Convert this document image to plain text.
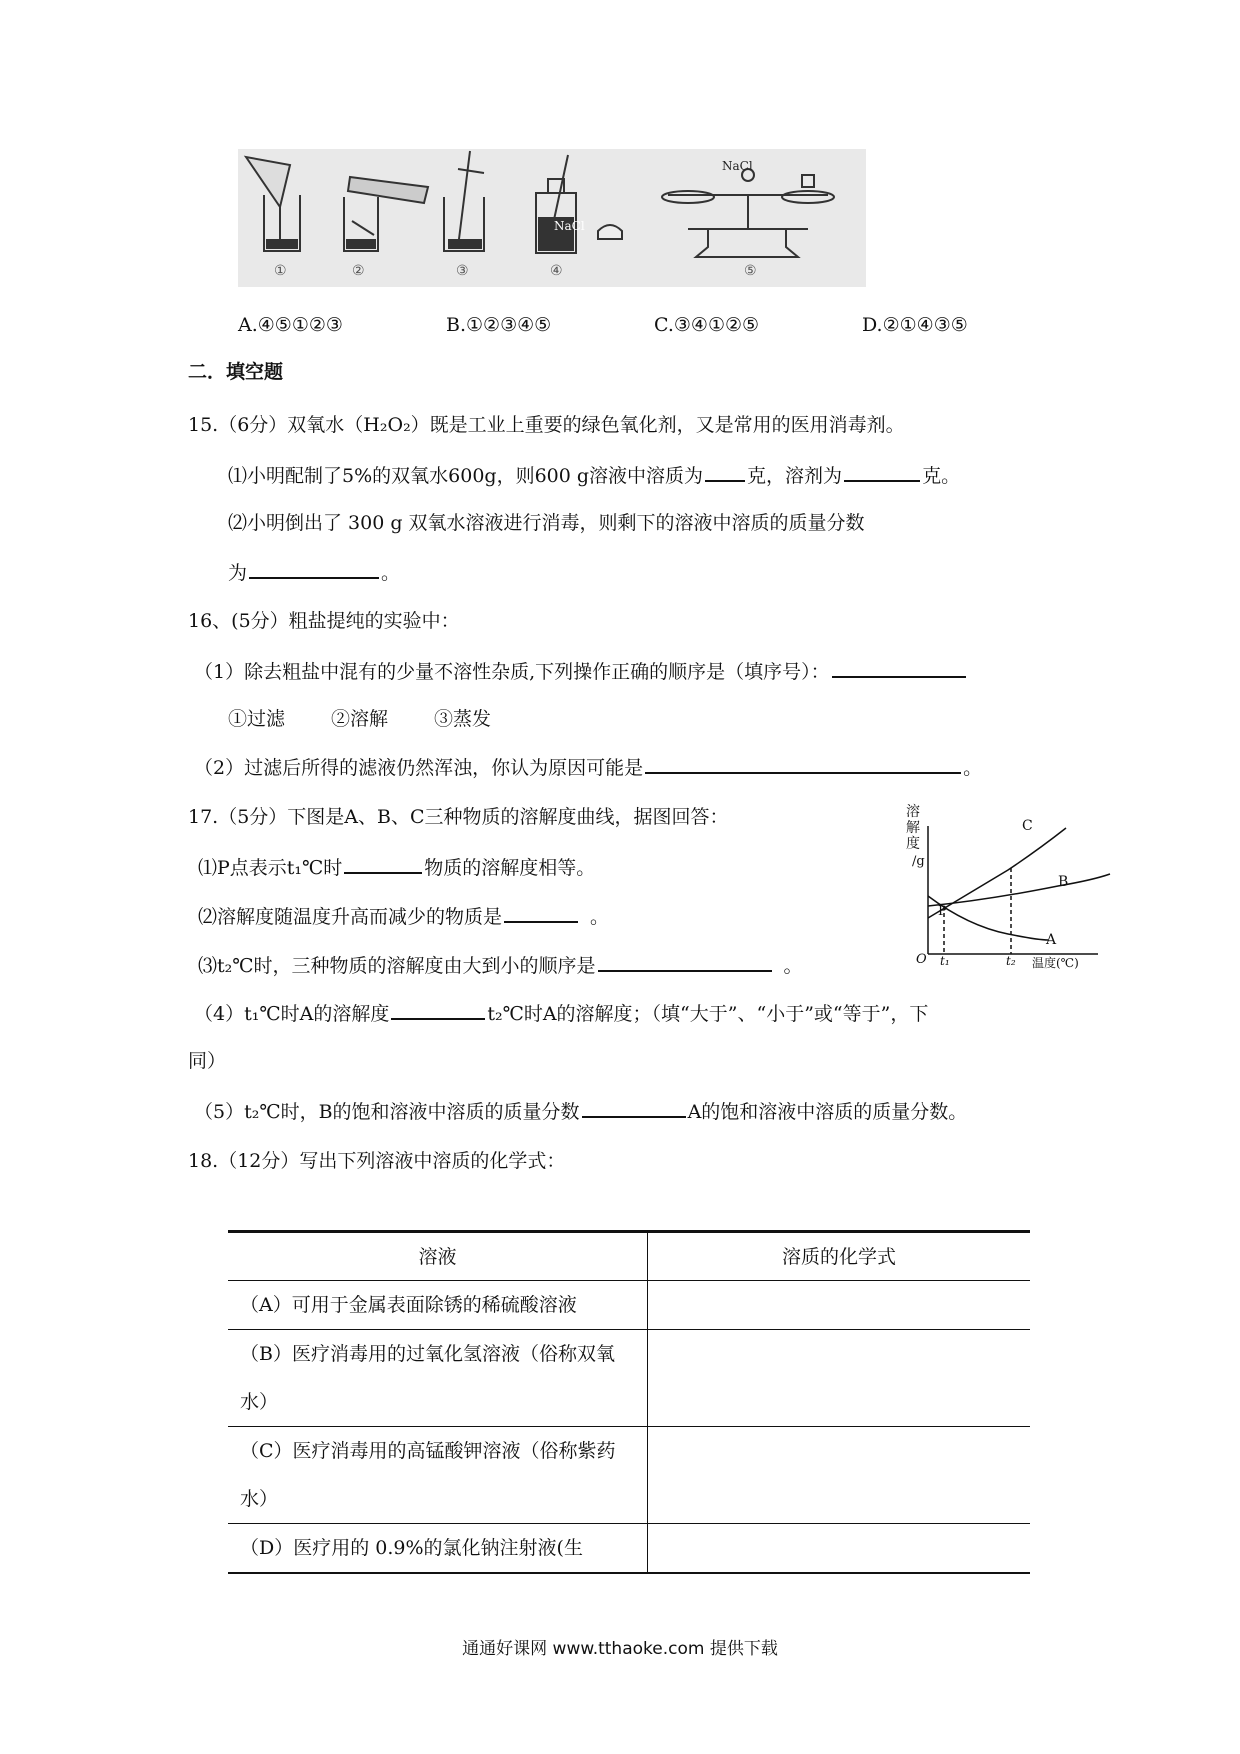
①	②	③	④	⑤
NaCl
NaCl
A.④⑤①②③	B.①②③④⑤	C.③④①②⑤	D.②①④③⑤
二．填空题
15.（6分）双氧水（H₂O₂）既是工业上重要的绿色氧化剂，又是常用的医用消毒剂。
⑴小明配制了5%的双氧水600g，则600 g溶液中溶质为 克，溶剂为	克。
⑵小明倒出了 300 g 双氧水溶液进行消毒，则剩下的溶液中溶质的质量分数
为	。
16、(5分）粗盐提纯的实验中：
（1）除去粗盐中混有的少量不溶性杂质,下列操作正确的顺序是（填序号）：
①过滤 ②溶解 ③蒸发
（2）过滤后所得的滤液仍然浑浊，你认为原因可能是	。
17.（5分）下图是A、B、C三种物质的溶解度曲线，据图回答：
⑴P点表示t₁℃时	物质的溶解度相等。
⑵溶解度随温度升高而减少的物质是	。
⑶t₂℃时，三种物质的溶解度由大到小的顺序是	。
（4）t₁℃时A的溶解度	t₂℃时A的溶解度；（填“大于”、“小于”或“等于”，下
同）
（5）t₂℃时，B的饱和溶液中溶质的质量分数	A的饱和溶液中溶质的质量分数。
溶
解
度
/g
C
B
A
P
O t₁	t₂ 温度(℃)
18.（12分）写出下列溶液中溶质的化学式：
溶液	溶质的化学式
（A）可用于金属表面除锈的稀硫酸溶液	
（B）医疗消毒用的过氧化氢溶液（俗称双氧水）	
（C）医疗消毒用的高锰酸钾溶液（俗称紫药水）	
（D）医疗用的 0.9%的氯化钠注射液(生	
通通好课网 www.tthaoke.com 提供下载
